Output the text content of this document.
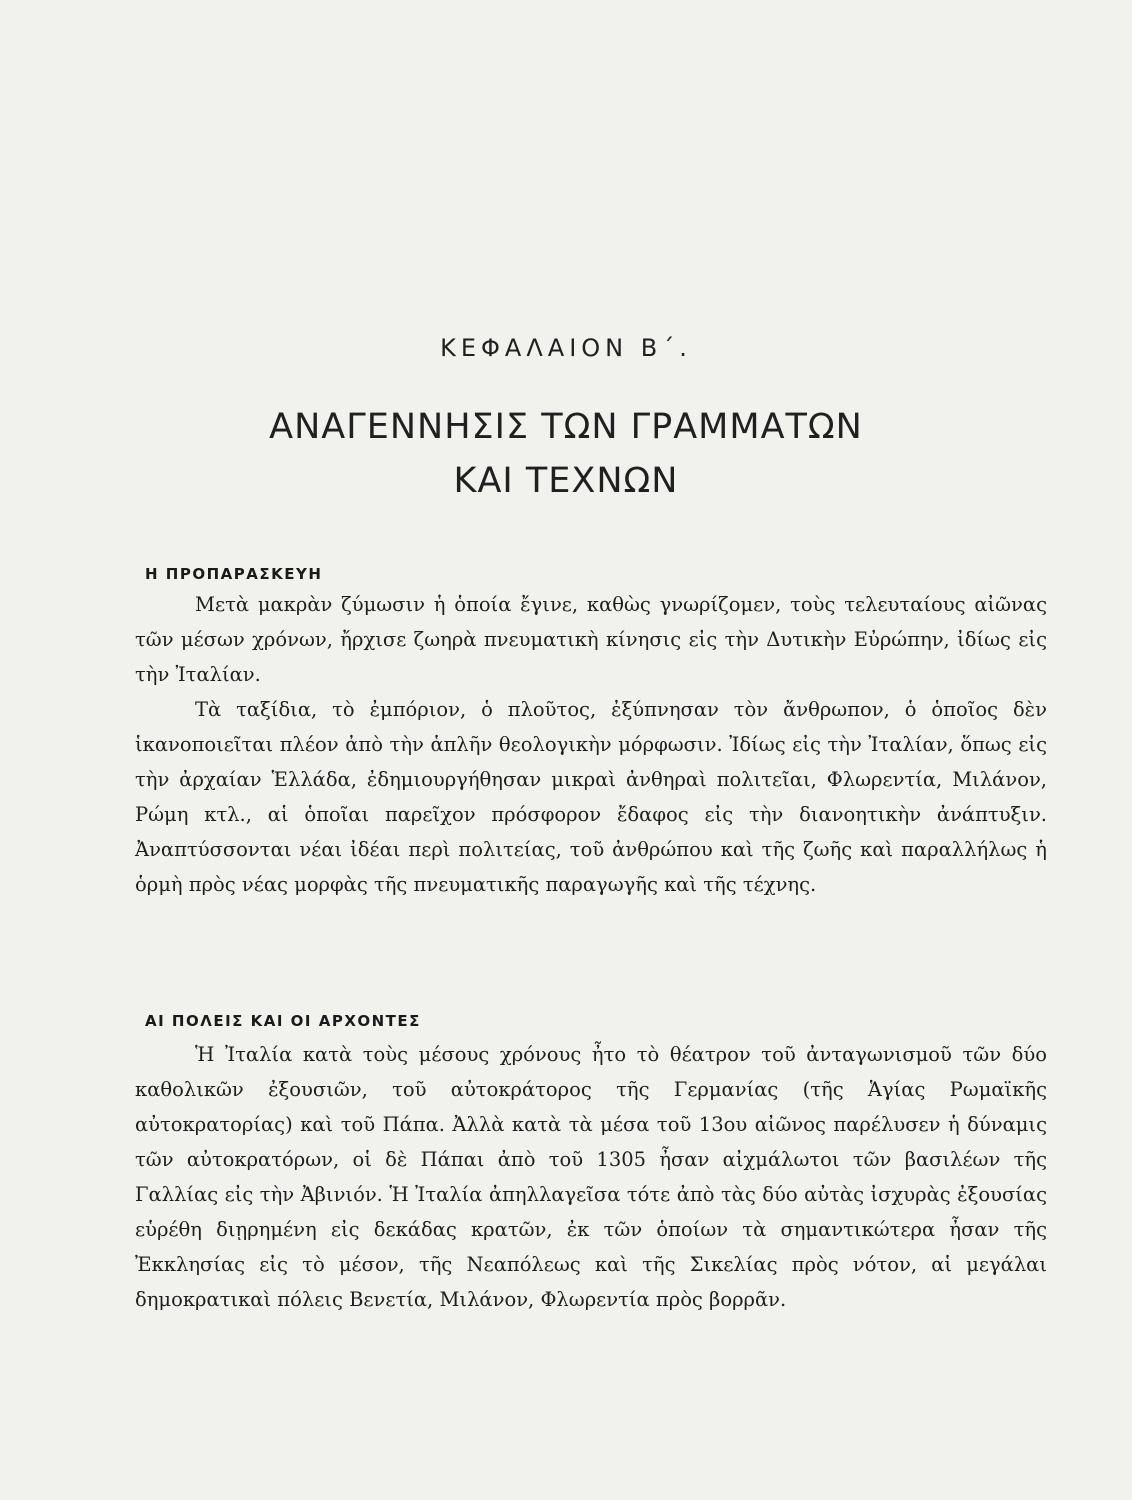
ΚΕΦΑΛΑΙΟΝ Β΄.
ΑΝΑΓΕΝΝΗΣΙΣ ΤΩΝ ΓΡΑΜΜΑΤΩΝ
ΚΑΙ ΤΕΧΝΩΝ
Η ΠΡΟΠΑΡΑΣΚΕΥΗ

Μετὰ μακρὰν ζύμωσιν ἡ ὁποία ἔγινε, καθὼς γνωρίζομεν, τοὺς τελευταίους αἰῶνας τῶν μέσων χρόνων, ἤρχισε ζωηρὰ πνευματικὴ κίνησις εἰς τὴν Δυτικὴν Εὐρώπην, ἰδίως εἰς τὴν Ἰταλίαν.

Τὰ ταξίδια, τὸ ἐμπόριον, ὁ πλοῦτος, ἐξύπνησαν τὸν ἄνθρωπον, ὁ ὁποῖος δὲν ἱκανοποιεῖται πλέον ἀπὸ τὴν ἁπλῆν θεολογικὴν μόρφωσιν. Ἰδίως εἰς τὴν Ἰταλίαν, ὅπως εἰς τὴν ἀρχαίαν Ἑλλάδα, ἐδημιουργήθησαν μικραὶ ἀνθηραὶ πολιτεῖαι, Φλωρεντία, Μιλάνον, Ρώμη κτλ., αἱ ὁποῖαι παρεῖχον πρόσφορον ἔδαφος εἰς τὴν διανοητικὴν ἀνάπτυξιν. Ἀναπτύσσονται νέαι ἰδέαι περὶ πολιτείας, τοῦ ἀνθρώπου καὶ τῆς ζωῆς καὶ παραλλήλως ἡ ὁρμὴ πρὸς νέας μορφὰς τῆς πνευματικῆς παραγωγῆς καὶ τῆς τέχνης.

ΑΙ ΠΟΛΕΙΣ ΚΑΙ ΟΙ ΑΡΧΟΝΤΕΣ

Ἡ Ἰταλία κατὰ τοὺς μέσους χρόνους ἦτο τὸ θέατρον τοῦ ἀνταγωνισμοῦ τῶν δύο καθολικῶν ἐξουσιῶν, τοῦ αὐτοκράτορος τῆς Γερμανίας (τῆς Ἁγίας Ρωμαϊκῆς αὐτοκρατορίας) καὶ τοῦ Πάπα. Ἀλλὰ κατὰ τὰ μέσα τοῦ 13ου αἰῶνος παρέλυσεν ἡ δύναμις τῶν αὐτοκρατόρων, οἱ δὲ Πάπαι ἀπὸ τοῦ 1305 ἦσαν αἰχμάλωτοι τῶν βασιλέων τῆς Γαλλίας εἰς τὴν Ἀβινιόν. Ἡ Ἰταλία ἀπηλλαγεῖσα τότε ἀπὸ τὰς δύο αὐτὰς ἰσχυρὰς ἐξουσίας εὑρέθη διῃρημένη εἰς δεκάδας κρατῶν, ἐκ τῶν ὁποίων τὰ σημαντικώτερα ἦσαν τῆς Ἐκκλησίας εἰς τὸ μέσον, τῆς Νεαπόλεως καὶ τῆς Σικελίας πρὸς νότον, αἱ μεγάλαι δημοκρατικαὶ πόλεις Βενετία, Μιλάνον, Φλωρεντία πρὸς βορρᾶν.
